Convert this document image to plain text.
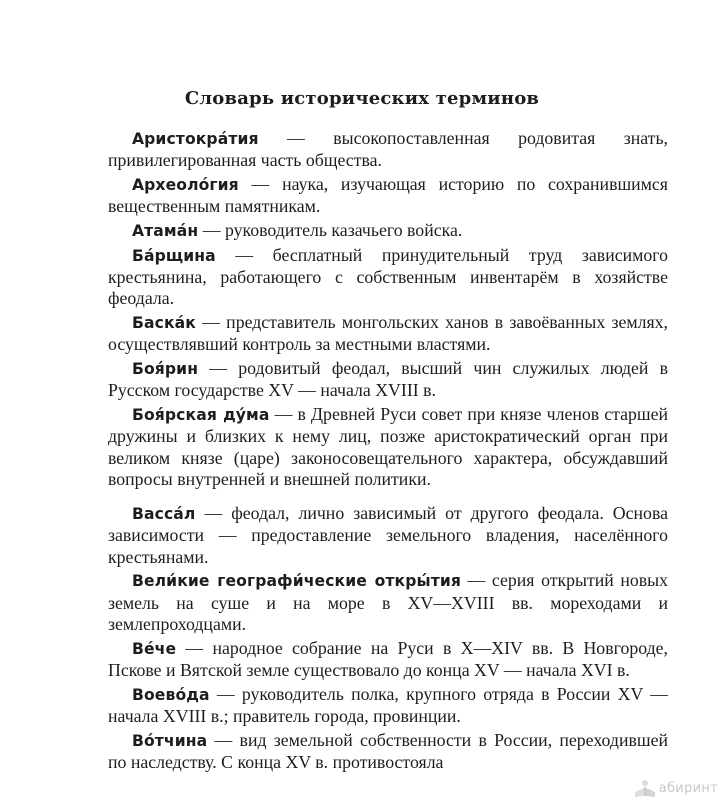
Словарь исторических терминов

Аристокрáтия — высокопоставленная родовитая знать, привилегированная часть общества.

Археолóгия — наука, изучающая историю по сохранившимся вещественным памятникам.

Атамáн — руководитель казачьего войска.

Бáрщина — бесплатный принудительный труд зависимого крестьянина, работающего с собственным инвентарём в хозяйстве феодала.

Баскáк — представитель монгольских ханов в завоёванных землях, осуществлявший контроль за местными властями.

Боя́рин — родовитый феодал, высший чин служилых людей в Русском государстве XV — начала XVIII в.

Боя́рская дýма — в Древней Руси совет при князе членов старшей дружины и близких к нему лиц, позже аристократический орган при великом князе (царе) законосовещательного характера, обсуждавший вопросы внутренней и внешней политики.

Вассáл — феодал, лично зависимый от другого феодала. Основа зависимости — предоставление земельного владения, населённого крестьянами.

Вели́кие географи́ческие откры́тия — серия открытий новых земель на суше и на море в XV—XVIII вв. мореходами и землепроходцами.

Вéче — народное собрание на Руси в X—XIV вв. В Новгороде, Пскове и Вятской земле существовало до конца XV — начала XVI в.

Воевóда — руководитель полка, крупного отряда в России XV — начала XVIII в.; правитель города, провинции.

Вóтчина — вид земельной собственности в России, переходившей по наследству. С конца XV в. противостояла

абиринт
